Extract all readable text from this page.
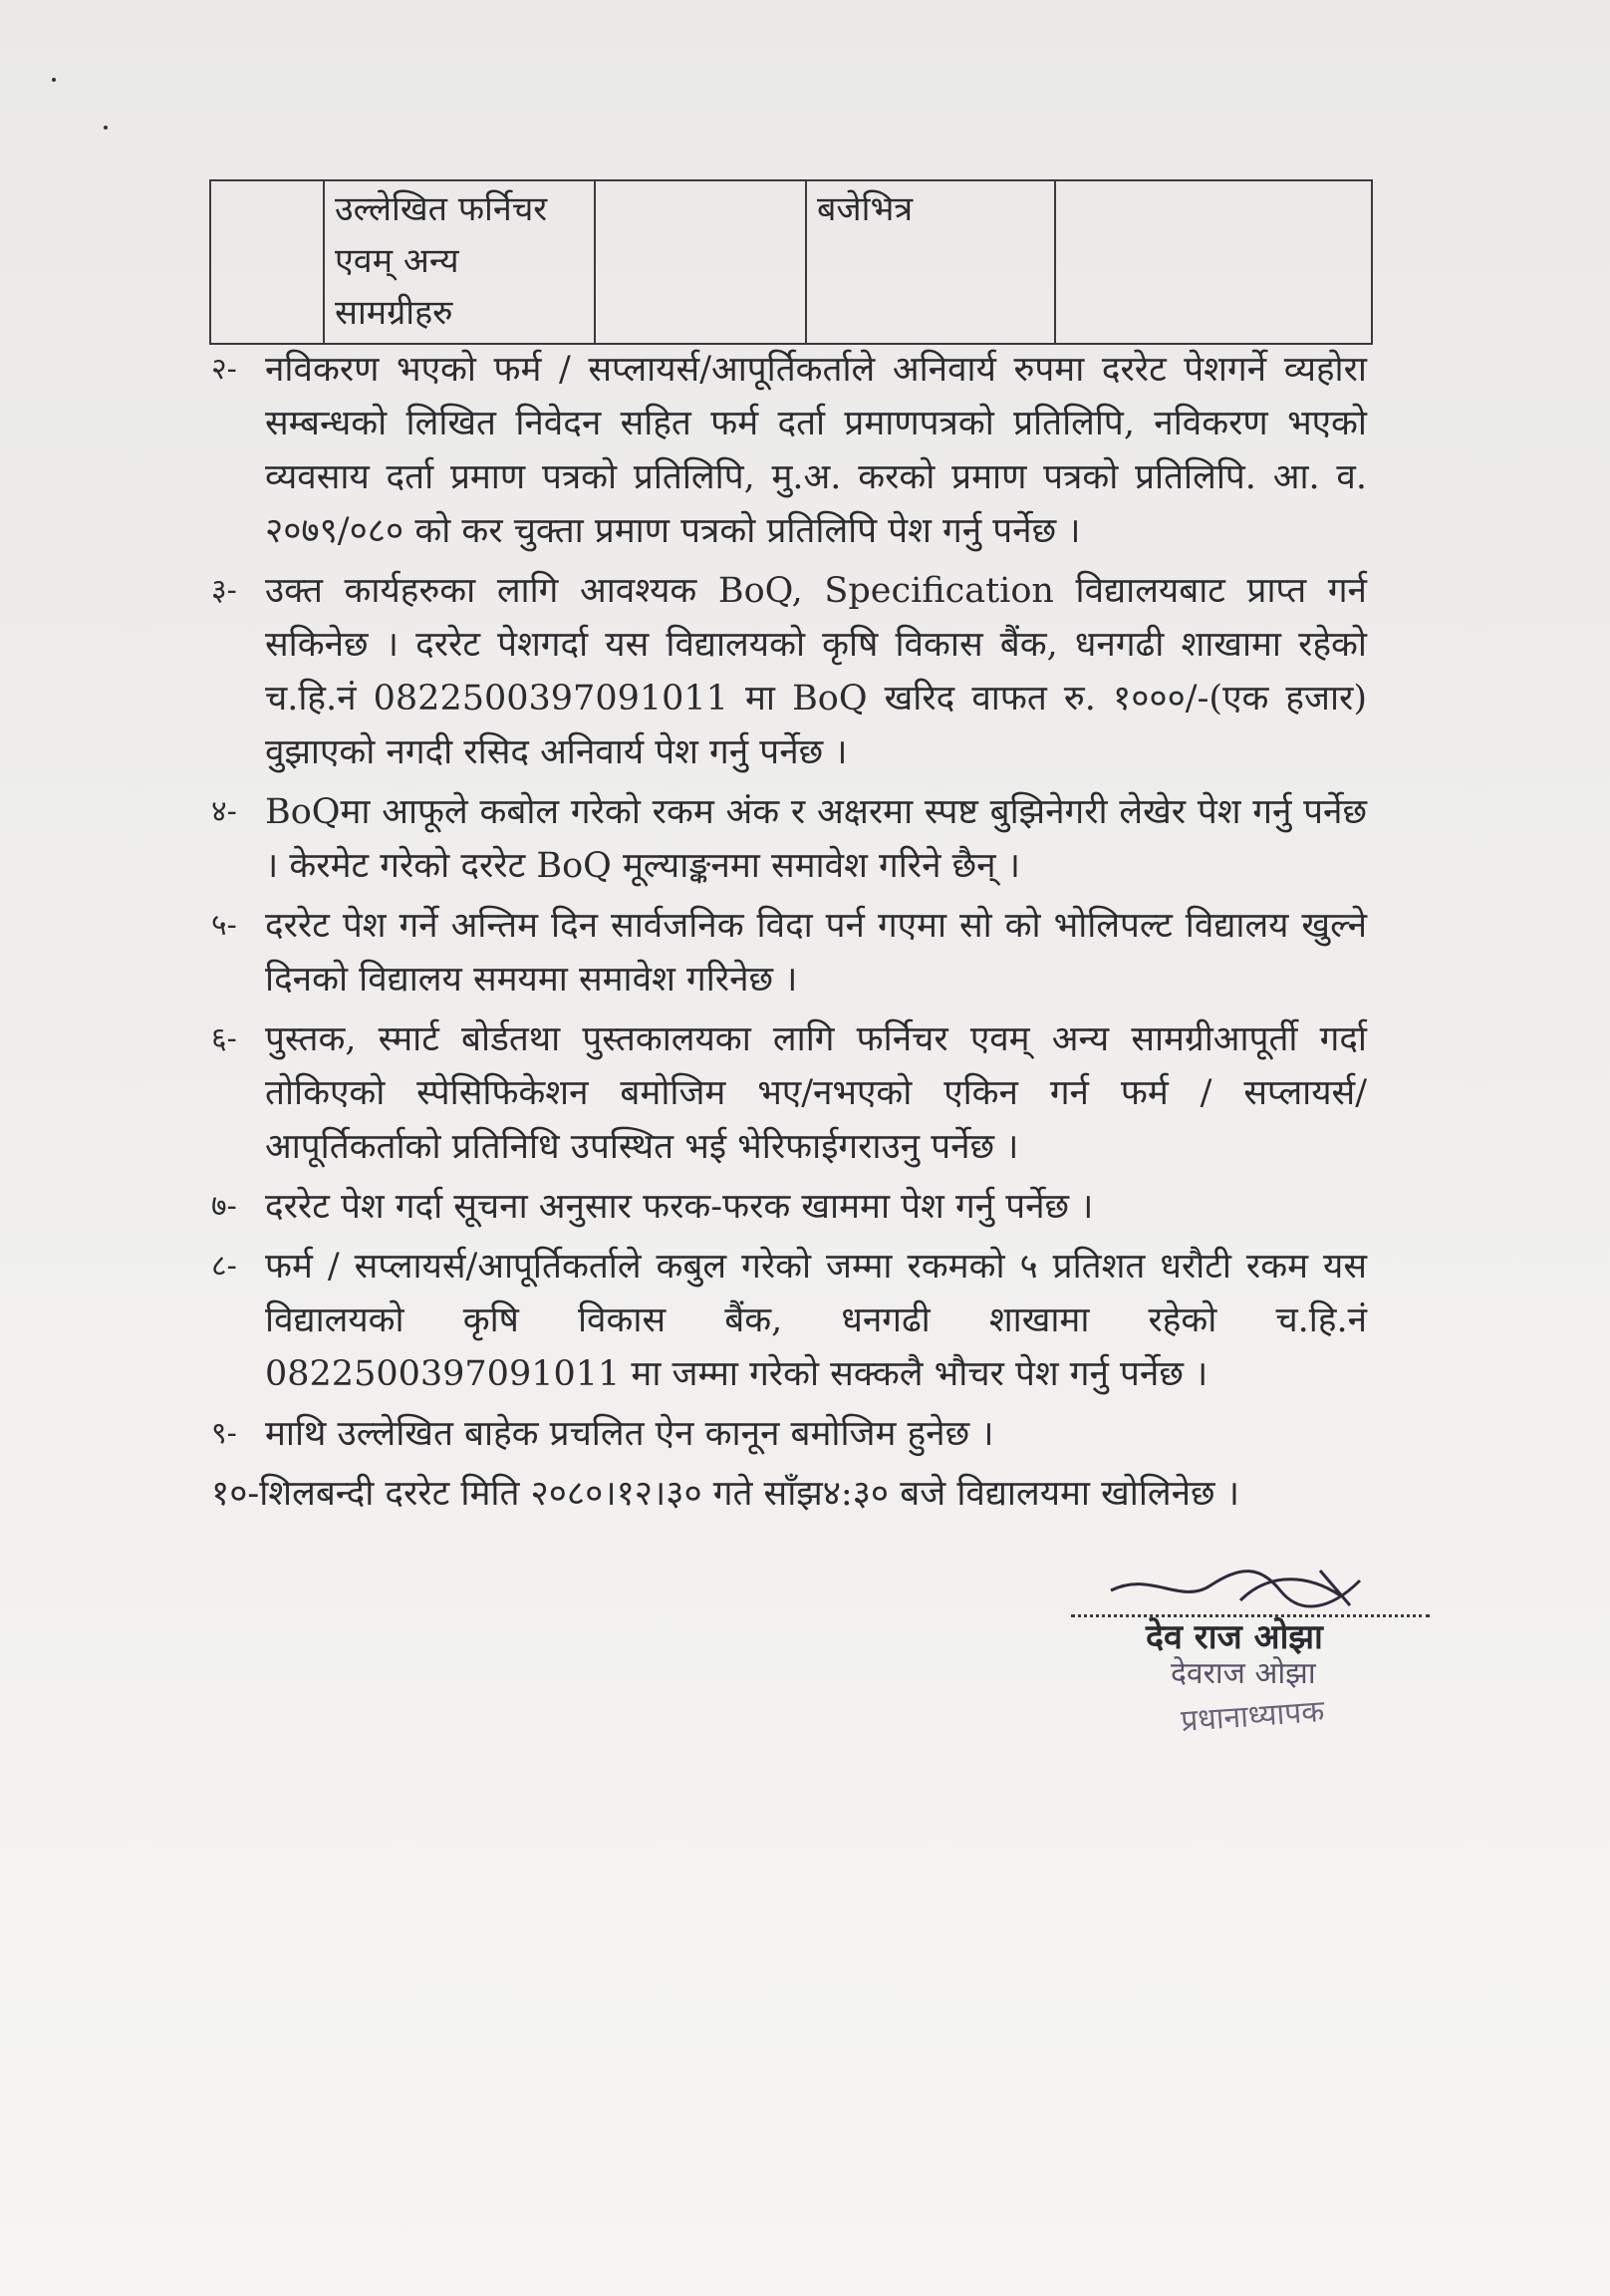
	उल्लेखित फर्निचर एवम् अन्य सामग्रीहरु		बजेभित्र	
२- नविकरण भएको फर्म / सप्लायर्स/आपूर्तिकर्ताले अनिवार्य रुपमा दररेट पेशगर्ने व्यहोरा सम्बन्धको लिखित निवेदन सहित फर्म दर्ता प्रमाणपत्रको प्रतिलिपि, नविकरण भएको व्यवसाय दर्ता प्रमाण पत्रको प्रतिलिपि, मु.अ. करको प्रमाण पत्रको प्रतिलिपि. आ. व. २०७९/०८० को कर चुक्ता प्रमाण पत्रको प्रतिलिपि पेश गर्नु पर्नेछ ।
३- उक्त कार्यहरुका लागि आवश्यक BoQ, Specification विद्यालयबाट प्राप्त गर्न सकिनेछ । दररेट पेशगर्दा यस विद्यालयको कृषि विकास बैंक, धनगढी शाखामा रहेको च.हि.नं 0822500397091011 मा BoQ खरिद वाफत रु. १०००/-(एक हजार) वुझाएको नगदी रसिद अनिवार्य पेश गर्नु पर्नेछ ।
४- BoQमा आफूले कबोल गरेको रकम अंक र अक्षरमा स्पष्ट बुझिनेगरी लेखेर पेश गर्नु पर्नेछ । केरमेट गरेको दररेट BoQ मूल्याङ्कनमा समावेश गरिने छैन् ।
५- दररेट पेश गर्ने अन्तिम दिन सार्वजनिक विदा पर्न गएमा सो को भोलिपल्ट विद्यालय खुल्ने दिनको विद्यालय समयमा समावेश गरिनेछ ।
६- पुस्तक, स्मार्ट बोर्डतथा पुस्तकालयका लागि फर्निचर एवम् अन्य सामग्रीआपूर्ती गर्दा तोकिएको स्पेसिफिकेशन बमोजिम भए/नभएको एकिन गर्न फर्म / सप्लायर्स/आपूर्तिकर्ताको प्रतिनिधि उपस्थित भई भेरिफाईगराउनु पर्नेछ ।
७- दररेट पेश गर्दा सूचना अनुसार फरक-फरक खाममा पेश गर्नु पर्नेछ ।
८- फर्म / सप्लायर्स/आपूर्तिकर्ताले कबुल गरेको जम्मा रकमको ५ प्रतिशत धरौटी रकम यस विद्यालयको कृषि विकास बैंक, धनगढी शाखामा रहेको च.हि.नं 0822500397091011 मा जम्मा गरेको सक्कलै भौचर पेश गर्नु पर्नेछ ।
९- माथि उल्लेखित बाहेक प्रचलित ऐन कानून बमोजिम हुनेछ ।
१०-शिलबन्दी दररेट मिति २०८०।१२।३० गते साँझ४:३० बजे विद्यालयमा खोलिनेछ ।
देव राज ओझा
देवराज ओझा
प्रधानाध्यापक
